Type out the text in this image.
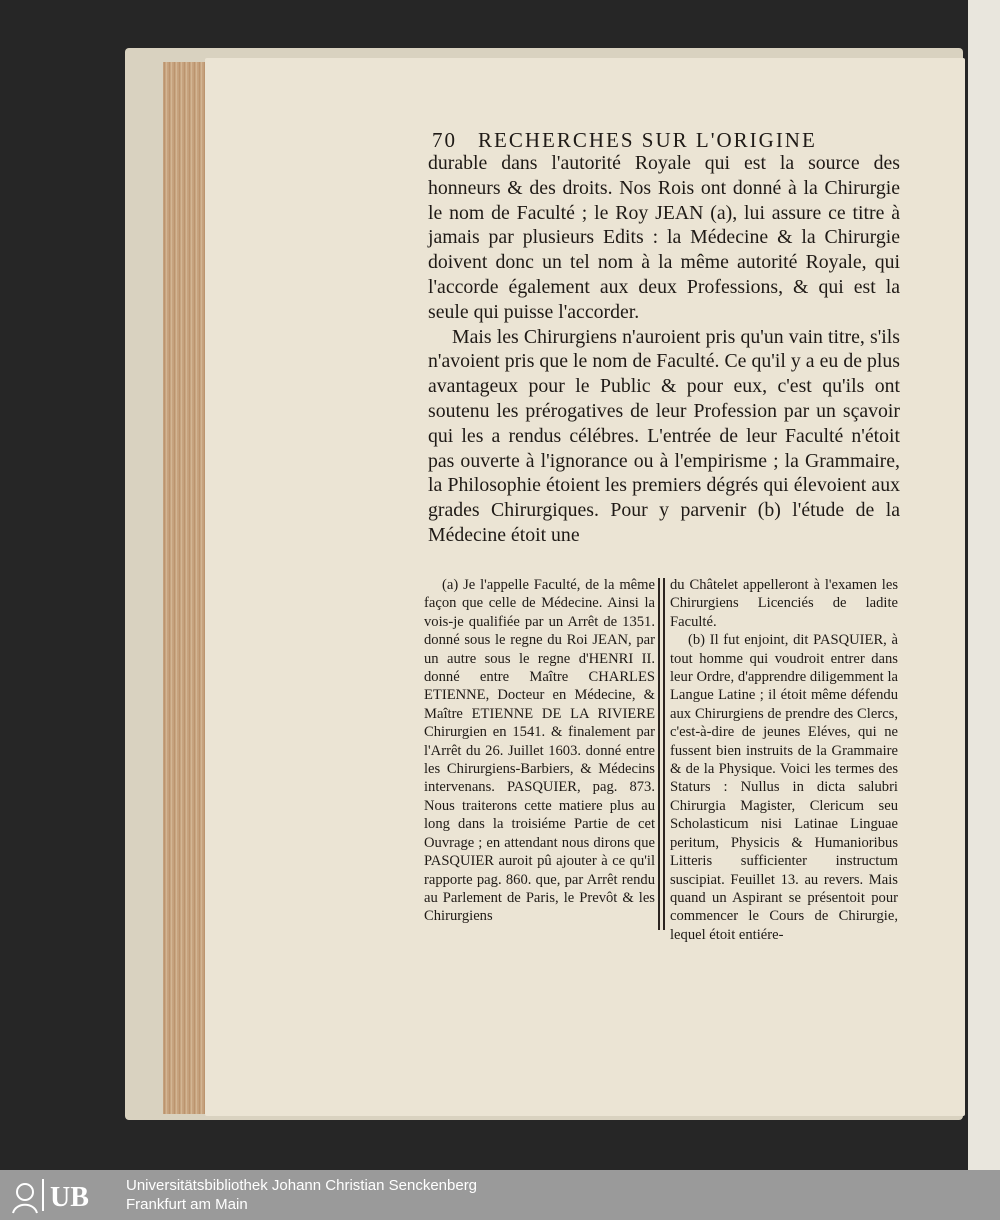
70 RECHERCHES SUR L'ORIGINE

durable dans l'autorité Royale qui est la source des honneurs & des droits. Nos Rois ont donné à la Chirurgie le nom de Faculté ; le Roy JEAN (a), lui assure ce titre à jamais par plusieurs Edits : la Médecine & la Chirurgie doivent donc un tel nom à la même autorité Royale, qui l'accorde également aux deux Professions, & qui est la seule qui puisse l'accorder.

Mais les Chirurgiens n'auroient pris qu'un vain titre, s'ils n'avoient pris que le nom de Faculté. Ce qu'il y a eu de plus avantageux pour le Public & pour eux, c'est qu'ils ont soutenu les prérogatives de leur Profession par un sçavoir qui les a rendus célébres. L'entrée de leur Faculté n'étoit pas ouverte à l'ignorance ou à l'empirisme ; la Grammaire, la Philosophie étoient les premiers dégrés qui élevoient aux grades Chirurgiques. Pour y parvenir (b) l'étude de la Médecine étoit une

(a) Je l'appelle Faculté, de la même façon que celle de Médecine. Ainsi la vois-je qualifiée par un Arrêt de 1351. donné sous le regne du Roi JEAN, par un autre sous le regne d'HENRI II. donné entre Maître CHARLES ETIENNE, Docteur en Médecine, & Maître ETIENNE DE LA RIVIERE Chirurgien en 1541. & finalement par l'Arrêt du 26. Juillet 1603. donné entre les Chirurgiens-Barbiers, & Médecins intervenans. PASQUIER, pag. 873. Nous traiterons cette matiere plus au long dans la troisiéme Partie de cet Ouvrage ; en attendant nous dirons que PASQUIER auroit pû ajouter à ce qu'il rapporte pag. 860. que, par Arrêt rendu au Parlement de Paris, le Prevôt & les Chirurgiens

du Châtelet appelleront à l'examen les Chirurgiens Licenciés de ladite Faculté.

(b) Il fut enjoint, dit PASQUIER, à tout homme qui voudroit entrer dans leur Ordre, d'apprendre diligemment la Langue Latine ; il étoit même défendu aux Chirurgiens de prendre des Clercs, c'est-à-dire de jeunes Eléves, qui ne fussent bien instruits de la Grammaire & de la Physique. Voici les termes des Staturs : Nullus in dicta salubri Chirurgia Magister, Clericum seu Scholasticum nisi Latinae Linguae peritum, Physicis & Humanioribus Litteris sufficienter instructum suscipiat. Feuillet 13. au revers. Mais quand un Aspirant se présentoit pour commencer le Cours de Chirurgie, lequel étoit entiére-

UB Universitätsbibliothek Johann Christian Senckenberg
Frankfurt am Main
